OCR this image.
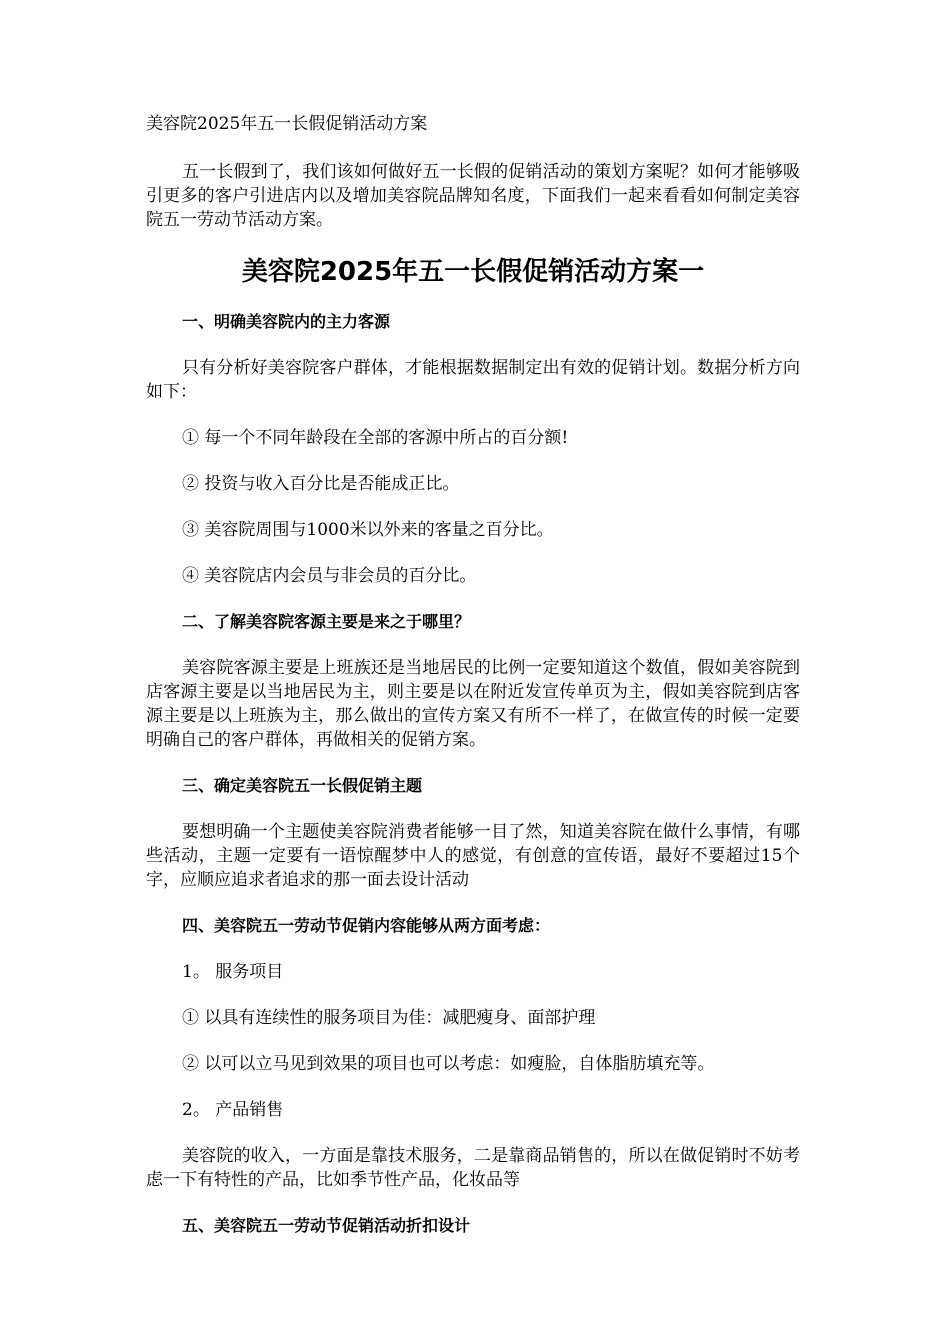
美容院2025年五一长假促销活动方案

五一长假到了，我们该如何做好五一长假的促销活动的策划方案呢？如何才能够吸引更多的客户引进店内以及增加美容院品牌知名度，下面我们一起来看看如何制定美容院五一劳动节活动方案。

美容院2025年五一长假促销活动方案一
一、明确美容院内的主力客源

只有分析好美容院客户群体，才能根据数据制定出有效的促销计划。数据分析方向如下：

① 每一个不同年龄段在全部的客源中所占的百分额!
② 投资与收入百分比是否能成正比。
③ 美容院周围与1000米以外来的客量之百分比。
④ 美容院店内会员与非会员的百分比。
二、了解美容院客源主要是来之于哪里？

美容院客源主要是上班族还是当地居民的比例一定要知道这个数值，假如美容院到店客源主要是以当地居民为主，则主要是以在附近发宣传单页为主，假如美容院到店客源主要是以上班族为主，那么做出的宣传方案又有所不一样了，在做宣传的时候一定要明确自己的客户群体，再做相关的促销方案。

三、确定美容院五一长假促销主题

要想明确一个主题使美容院消费者能够一目了然，知道美容院在做什么事情，有哪些活动，主题一定要有一语惊醒梦中人的感觉，有创意的宣传语，最好不要超过15个字，应顺应追求者追求的那一面去设计活动

四、美容院五一劳动节促销内容能够从两方面考虑：
1。 服务项目
① 以具有连续性的服务项目为佳：减肥瘦身、面部护理
② 以可以立马见到效果的项目也可以考虑：如瘦脸，自体脂肪填充等。
2。 产品销售

美容院的收入，一方面是靠技术服务，二是靠商品销售的，所以在做促销时不妨考虑一下有特性的产品，比如季节性产品，化妆品等

五、美容院五一劳动节促销活动折扣设计
